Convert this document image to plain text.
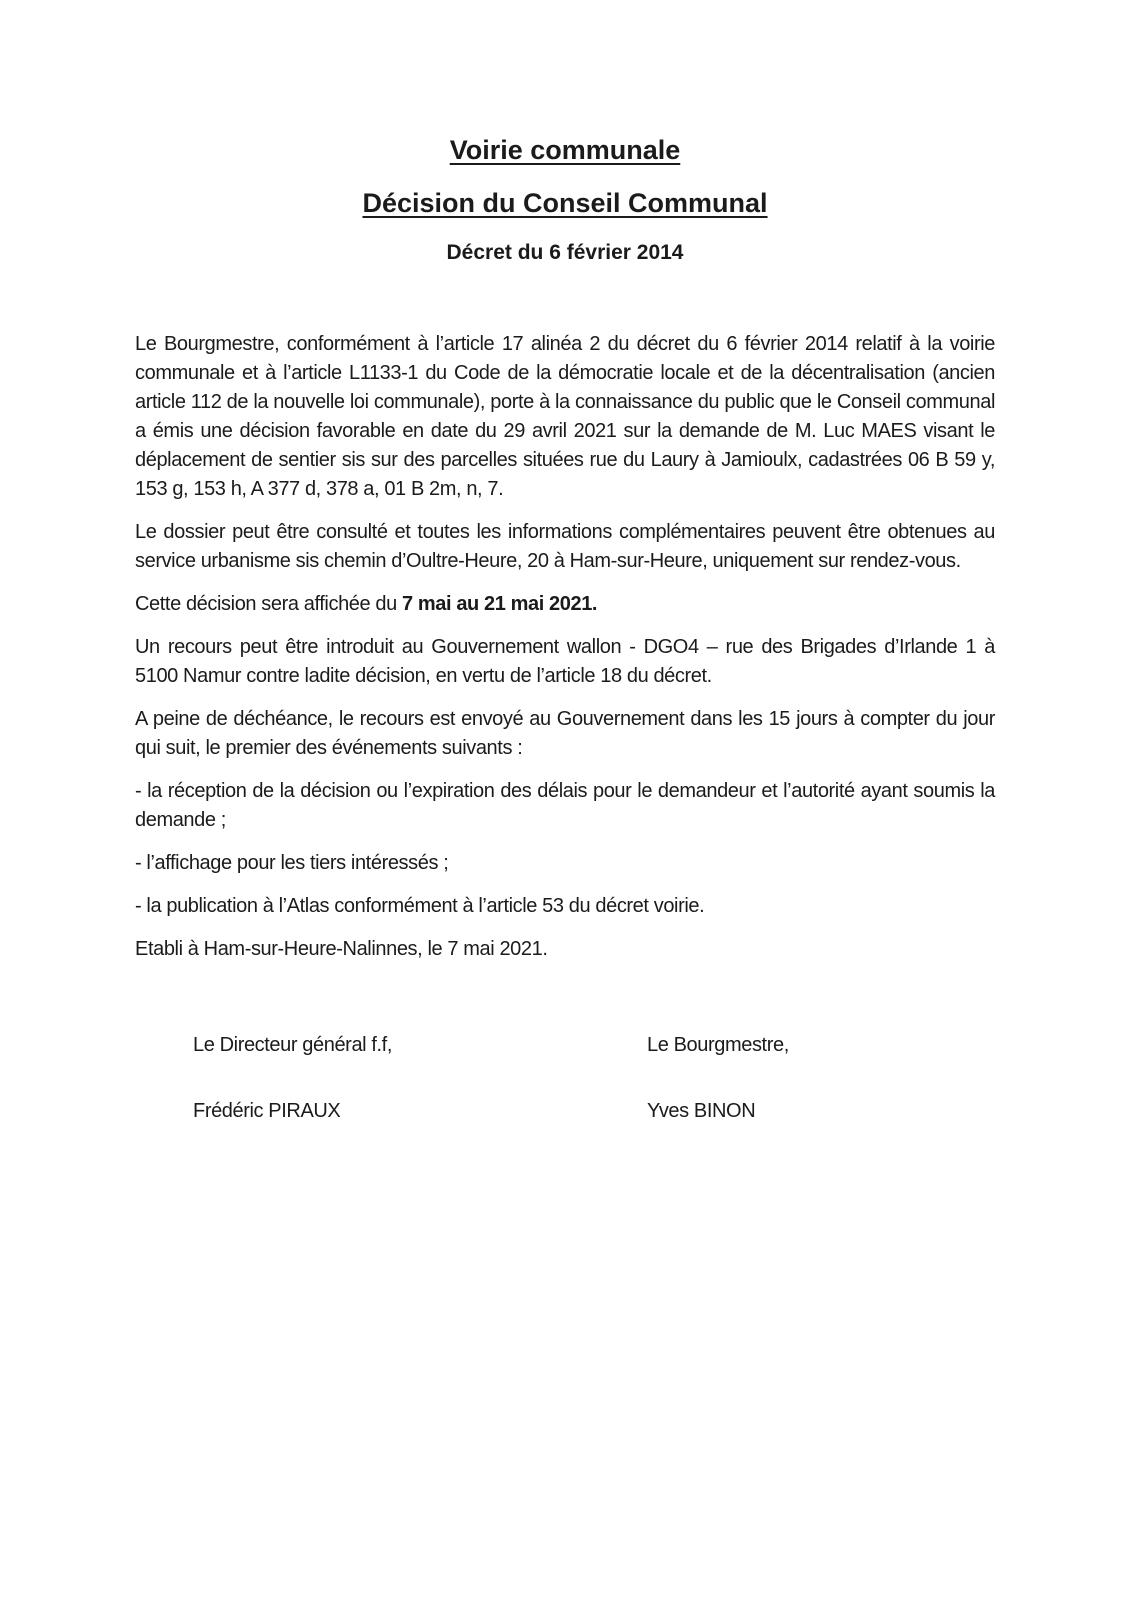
Voirie communale
Décision du Conseil Communal
Décret du 6 février 2014

Le Bourgmestre, conformément à l’article 17 alinéa 2 du décret du 6 février 2014 relatif à la voirie communale et à l’article L1133-1 du Code de la démocratie locale et de la décentralisation (ancien article 112 de la nouvelle loi communale), porte à la connaissance du public que le Conseil communal a émis une décision favorable en date du 29 avril 2021 sur la demande de M. Luc MAES visant le déplacement de sentier sis sur des parcelles situées rue du Laury à Jamioulx, cadastrées 06 B 59 y, 153 g, 153 h, A 377 d, 378 a, 01 B 2m, n, 7.

Le dossier peut être consulté et toutes les informations complémentaires peuvent être obtenues au service urbanisme sis chemin d’Oultre-Heure, 20 à Ham-sur-Heure, uniquement sur rendez-vous.

Cette décision sera affichée du 7 mai au 21 mai 2021.

Un recours peut être introduit au Gouvernement wallon - DGO4 – rue des Brigades d’Irlande 1 à 5100 Namur contre ladite décision, en vertu de l’article 18 du décret.

A peine de déchéance, le recours est envoyé au Gouvernement dans les 15 jours à compter du jour qui suit, le premier des événements suivants :

- la réception de la décision ou l’expiration des délais pour le demandeur et l’autorité ayant soumis la demande ;

- l’affichage pour les tiers intéressés ;

- la publication à l’Atlas conformément à l’article 53 du décret voirie.

Etabli à Ham-sur-Heure-Nalinnes, le 7 mai 2021.

Le Directeur général f.f,	Le Bourgmestre,
Frédéric PIRAUX	Yves BINON
